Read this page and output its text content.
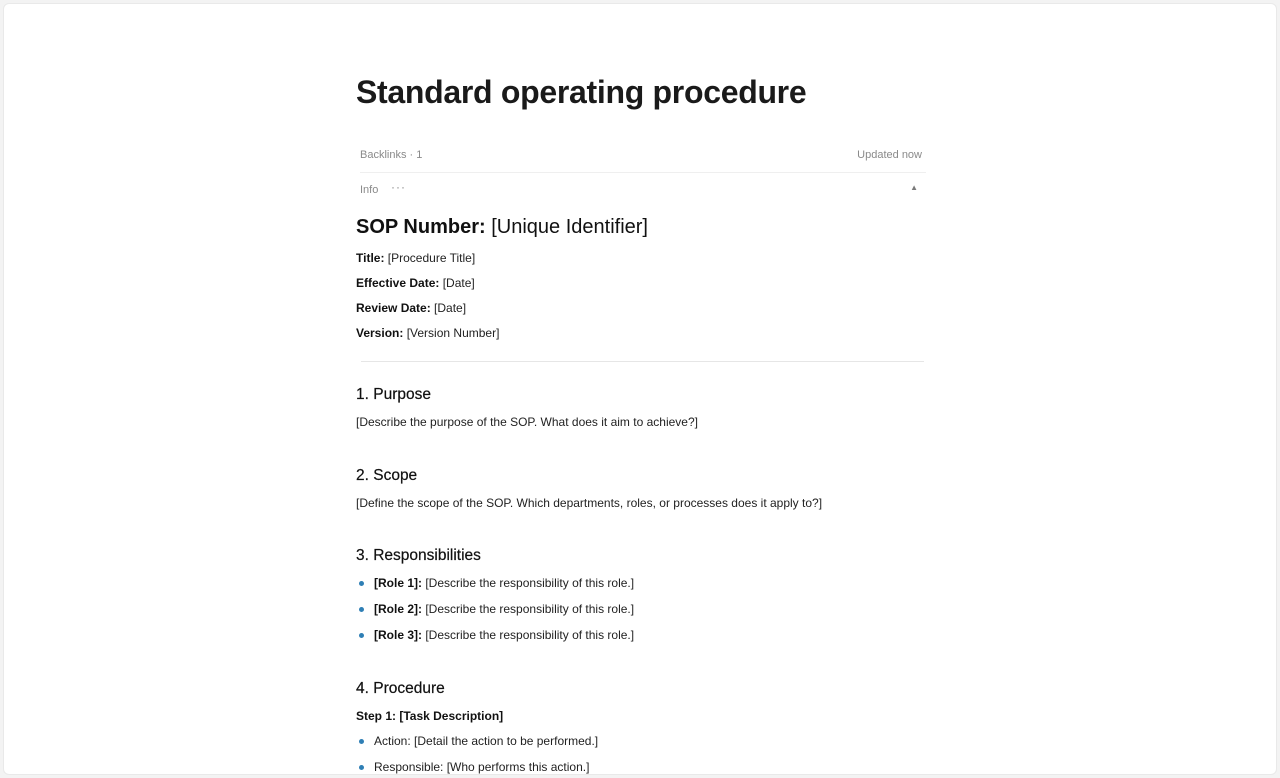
Standard operating procedure
Backlinks · 1	Updated now
Info ···	▲
SOP Number: [Unique Identifier]
Title: [Procedure Title]
Effective Date: [Date]
Review Date: [Date]
Version: [Version Number]
1. Purpose
[Describe the purpose of the SOP. What does it aim to achieve?]
2. Scope
[Define the scope of the SOP. Which departments, roles, or processes does it apply to?]
3. Responsibilities
[Role 1]: [Describe the responsibility of this role.]
[Role 2]: [Describe the responsibility of this role.]
[Role 3]: [Describe the responsibility of this role.]
4. Procedure
Step 1: [Task Description]
Action: [Detail the action to be performed.]
Responsible: [Who performs this action.]
